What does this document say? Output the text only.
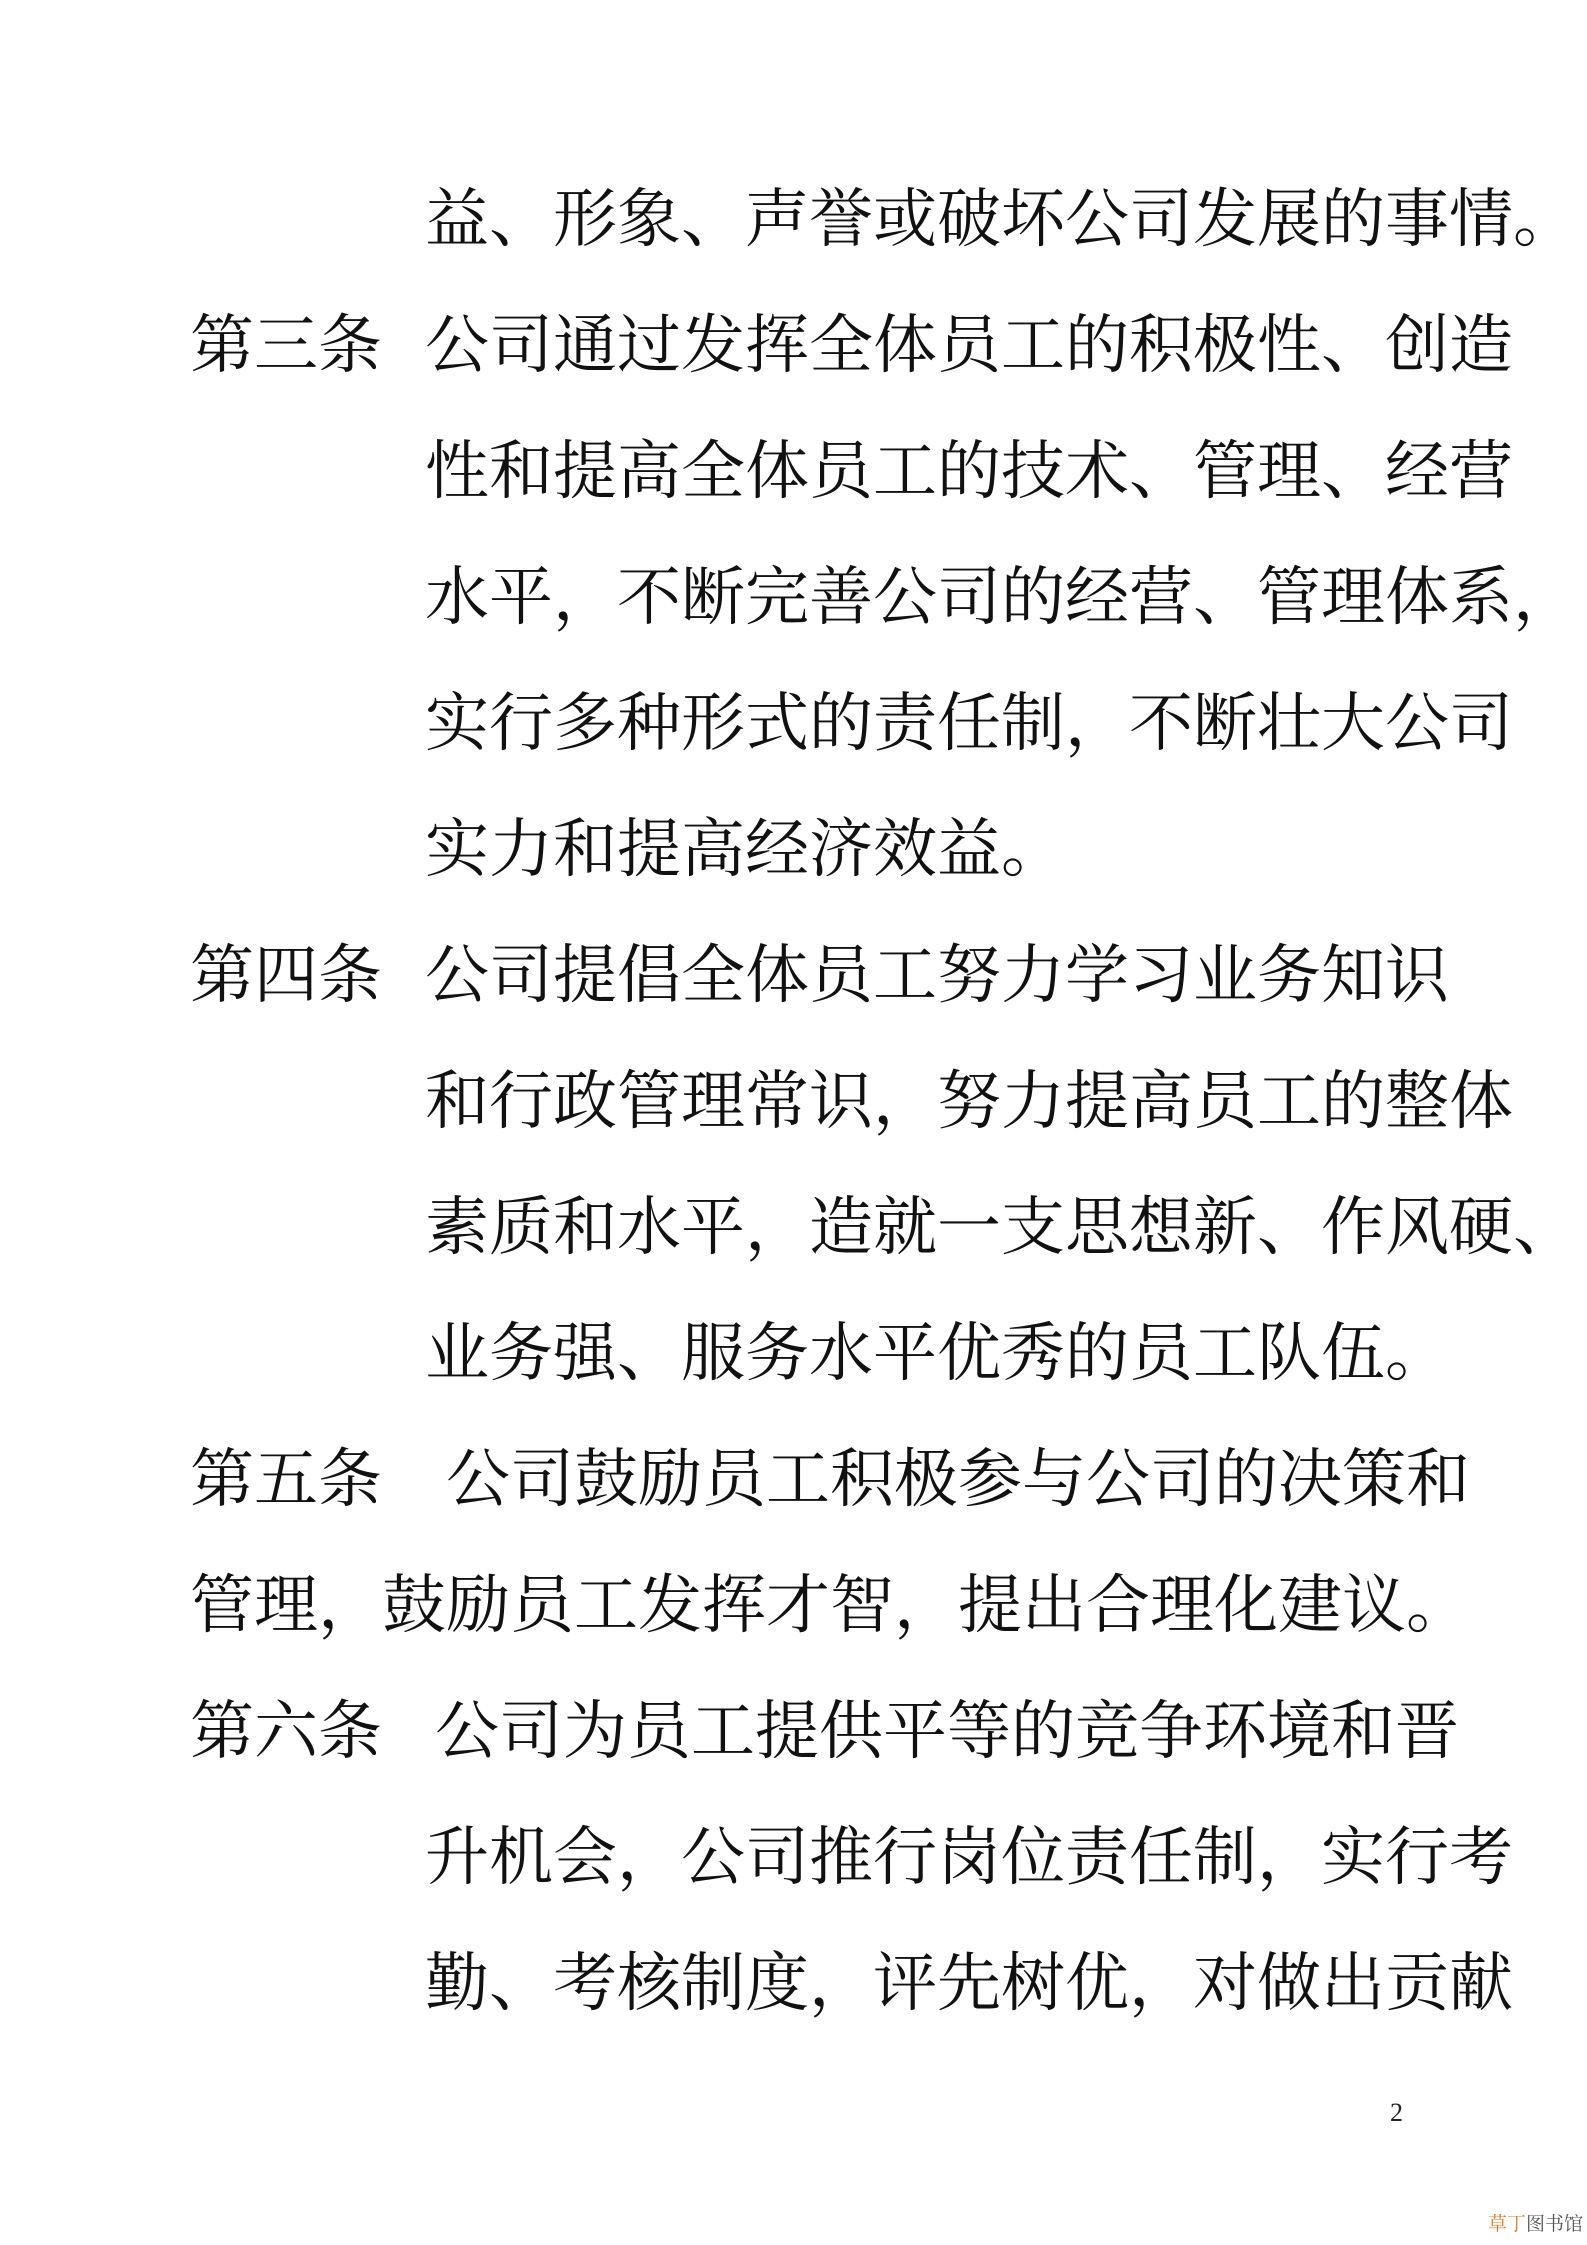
益、形象、声誉或破坏公司发展的事情。
第三条 公司通过发挥全体员工的积极性、创造
性和提高全体员工的技术、管理、经营
水平，不断完善公司的经营、管理体系，
实行多种形式的责任制，不断壮大公司
实力和提高经济效益。
第四条 公司提倡全体员工努力学习业务知识
和行政管理常识，努力提高员工的整体
素质和水平，造就一支思想新、作风硬、
业务强、服务水平优秀的员工队伍。
第五条　公司鼓励员工积极参与公司的决策和
管理，鼓励员工发挥才智，提出合理化建议。
第六条 公司为员工提供平等的竞争环境和晋
升机会，公司推行岗位责任制，实行考
勤、考核制度，评先树优，对做出贡献
2
草丁图书馆
